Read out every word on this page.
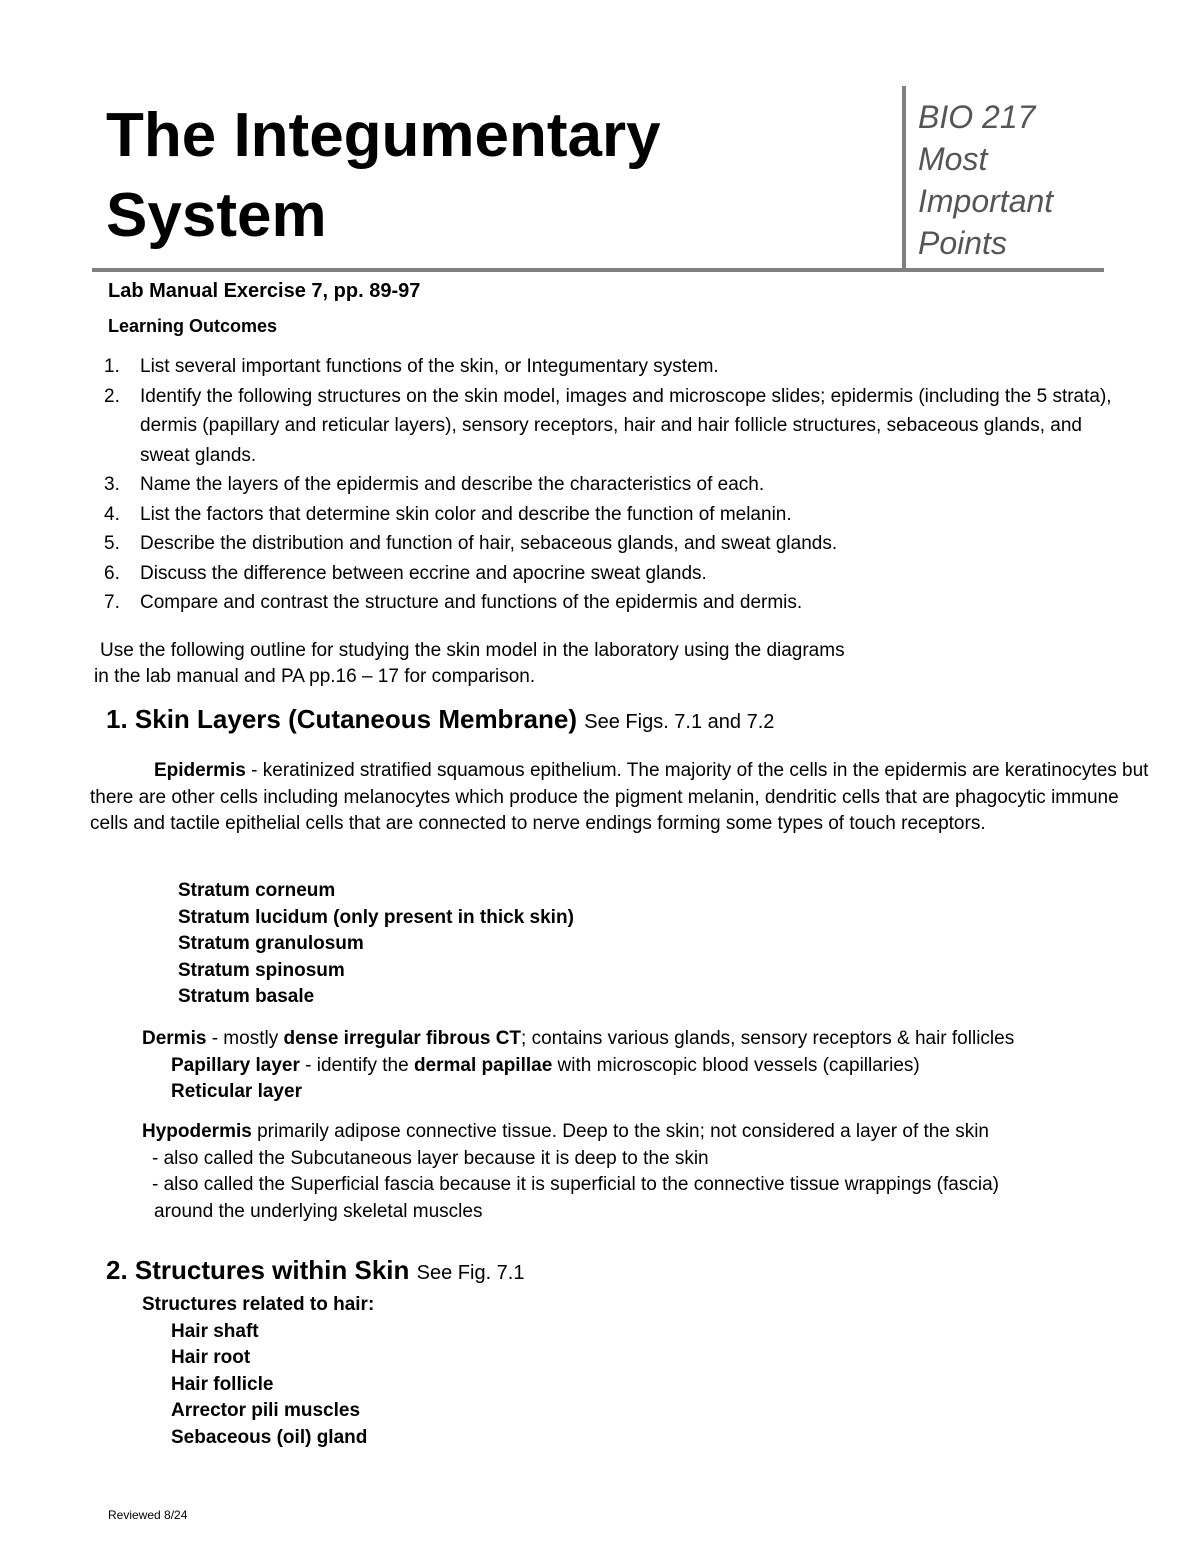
The Integumentary
System
BIO 217
Most
Important
Points
Lab Manual Exercise 7, pp. 89-97
Learning Outcomes
1. List several important functions of the skin, or Integumentary system.
2. Identify the following structures on the skin model, images and microscope slides; epidermis (including the 5 strata), dermis (papillary and reticular layers), sensory receptors, hair and hair follicle structures, sebaceous glands, and sweat glands.
3. Name the layers of the epidermis and describe the characteristics of each.
4. List the factors that determine skin color and describe the function of melanin.
5. Describe the distribution and function of hair, sebaceous glands, and sweat glands.
6. Discuss the difference between eccrine and apocrine sweat glands.
7. Compare and contrast the structure and functions of the epidermis and dermis.
Use the following outline for studying the skin model in the laboratory using the diagrams
in the lab manual and PA pp.16 – 17 for comparison.
1. Skin Layers (Cutaneous Membrane) See Figs. 7.1 and 7.2
Epidermis - keratinized stratified squamous epithelium. The majority of the cells in the epidermis are keratinocytes but there are other cells including melanocytes which produce the pigment melanin, dendritic cells that are phagocytic immune cells and tactile epithelial cells that are connected to nerve endings forming some types of touch receptors.
Stratum corneum
Stratum lucidum (only present in thick skin)
Stratum granulosum
Stratum spinosum
Stratum basale
Dermis - mostly dense irregular fibrous CT; contains various glands, sensory receptors & hair follicles
Papillary layer - identify the dermal papillae with microscopic blood vessels (capillaries)
Reticular layer
Hypodermis primarily adipose connective tissue. Deep to the skin; not considered a layer of the skin
- also called the Subcutaneous layer because it is deep to the skin
- also called the Superficial fascia because it is superficial to the connective tissue wrappings (fascia)
around the underlying skeletal muscles
2. Structures within Skin See Fig. 7.1
Structures related to hair:
Hair shaft
Hair root
Hair follicle
Arrector pili muscles
Sebaceous (oil) gland
Reviewed 8/24
